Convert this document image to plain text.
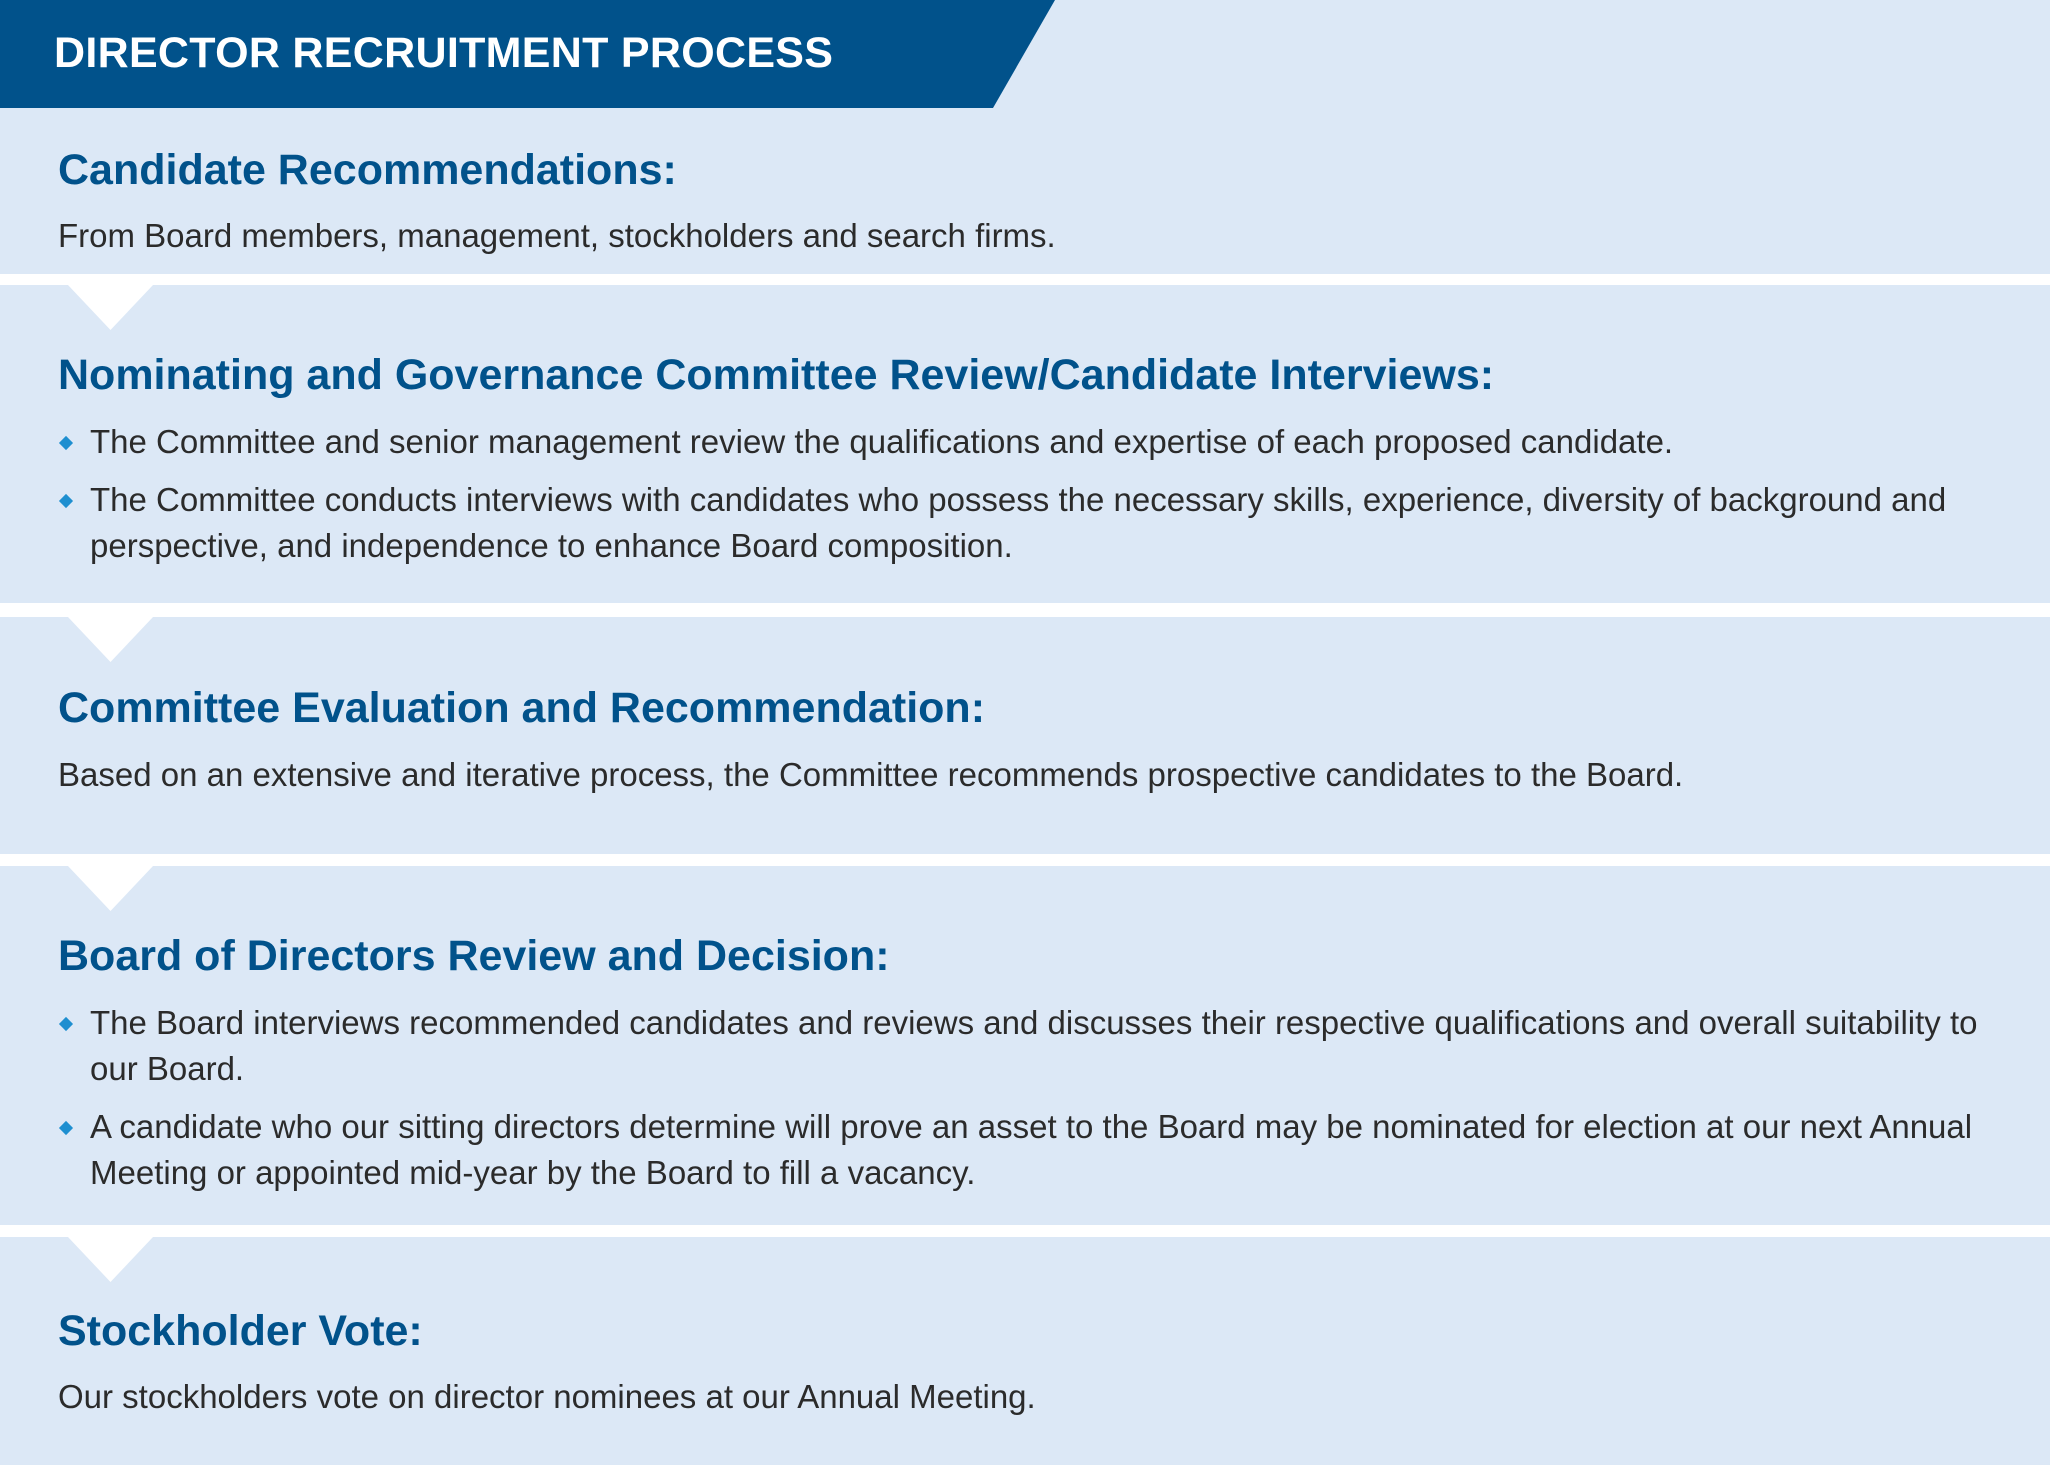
DIRECTOR RECRUITMENT PROCESS
Candidate Recommendations:

From Board members, management, stockholders and search firms.

Nominating and Governance Committee Review/Candidate Interviews:
The Committee and senior management review the qualifications and expertise of each proposed candidate.
The Committee conducts interviews with candidates who possess the necessary skills, experience, diversity of background and perspective, and independence to enhance Board composition.
Committee Evaluation and Recommendation:

Based on an extensive and iterative process, the Committee recommends prospective candidates to the Board.

Board of Directors Review and Decision:
The Board interviews recommended candidates and reviews and discusses their respective qualifications and overall suitability to our Board.
A candidate who our sitting directors determine will prove an asset to the Board may be nominated for election at our next Annual Meeting or appointed mid-year by the Board to fill a vacancy.
Stockholder Vote:

Our stockholders vote on director nominees at our Annual Meeting.
